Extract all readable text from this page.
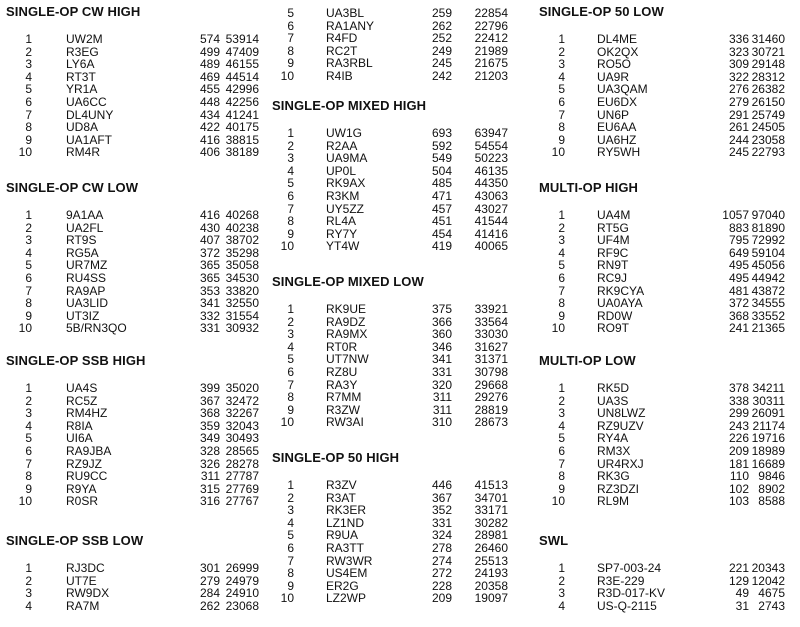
SINGLE-OP CW HIGH
1	UW2M	574 53914
2	R3EG	499 47409
3	LY6A	489 46155
4	RT3T	469 44514
5	YR1A	455 42996
6	UA6CC	448 42256
7	DL4UNY	434 41241
8	UD8A	422 40175
9	UA1AFT	416 38815
10	RM4R	406 38189
SINGLE-OP CW LOW
1	9A1AA	416 40268
2	UA2FL	430 40238
3	RT9S	407 38702
4	RG5A	372 35298
5	UR7MZ	365 35058
6	RU4SS	365 34530
7	RA9AP	353 33820
8	UA3LID	341 32550
9	UT3IZ	332 31554
10	5B/RN3QO	331 30932
SINGLE-OP SSB HIGH
1	UA4S	399 35020
2	RC5Z	367 32472
3	RM4HZ	368 32267
4	R8IA	359 32043
5	UI6A	349 30493
6	RA9JBA	328 28565
7	RZ9JZ	326 28278
8	RU9CC	311 27787
9	R9YA	315 27769
10	R0SR	316 27767
SINGLE-OP SSB LOW
1	RJ3DC	301 26999
2	UT7E	279 24979
3	RW9DX	284 24910
4	RA7M	262 23068
5	UA3BL	259	22854
6	RA1ANY	262	22796
7	R4FD	252	22412
8	RC2T	249	21989
9	RA3RBL	245	21675
10	R4IB	242	21203
SINGLE-OP MIXED HIGH
1	UW1G	693	63947
2	R2AA	592	54554
3	UA9MA	549	50223
4	UP0L	504	46135
5	RK9AX	485	44350
6	R3KM	471	43063
7	UY5ZZ	457	43027
8	RL4A	451	41544
9	RY7Y	454	41416
10	YT4W	419	40065
SINGLE-OP MIXED LOW
1	RK9UE	375	33921
2	RA9DZ	366	33564
3	RA9MX	360	33030
4	RT0R	346	31627
5	UT7NW	341	31371
6	RZ8U	331	30798
7	RA3Y	320	29668
8	R7MM	311	29276
9	R3ZW	311	28819
10	RW3AI	310	28673
SINGLE-OP 50 HIGH
1	R3ZV	446	41513
2	R3AT	367	34701
3	RK3ER	352	33171
4	LZ1ND	331	30282
5	R9UA	324	28981
6	RA3TT	278	26460
7	RW3WR	274	25513
8	US4EM	272	24193
9	ER2G	228	20358
10	LZ2WP	209	19097
SINGLE-OP 50 LOW
1	DL4ME	336 31460
2	OK2QX	323 30721
3	RO5O	309 29148
4	UA9R	322 28312
5	UA3QAM	276 26382
6	EU6DX	279 26150
7	UN6P	291 25749
8	EU6AA	261 24505
9	UA6HZ	244 23058
10	RY5WH	245 22793
MULTI-OP HIGH
1	UA4M	1057 97040
2	RT5G	883 81890
3	UF4M	795 72992
4	RF9C	649 59104
5	RN9T	495 45056
6	RC9J	495 44942
7	RK9CYA	481 43872
8	UA0AYA	372 34555
9	RD0W	368 33552
10	RO9T	241 21365
MULTI-OP LOW
1	RK5D	378 34211
2	UA3S	338 30311
3	UN8LWZ	299 26091
4	RZ9UZV	243 21174
5	RY4A	226 19716
6	RM3X	209 18989
7	UR4RXJ	181 16689
8	RK3G	110 9846
9	RZ3DZI	102 8902
10	RL9M	103 8588
SWL
1	SP7-003-24	221 20343
2	R3E-229	129 12042
3	R3D-017-KV	49 4675
4	US-Q-2115	31 2743
